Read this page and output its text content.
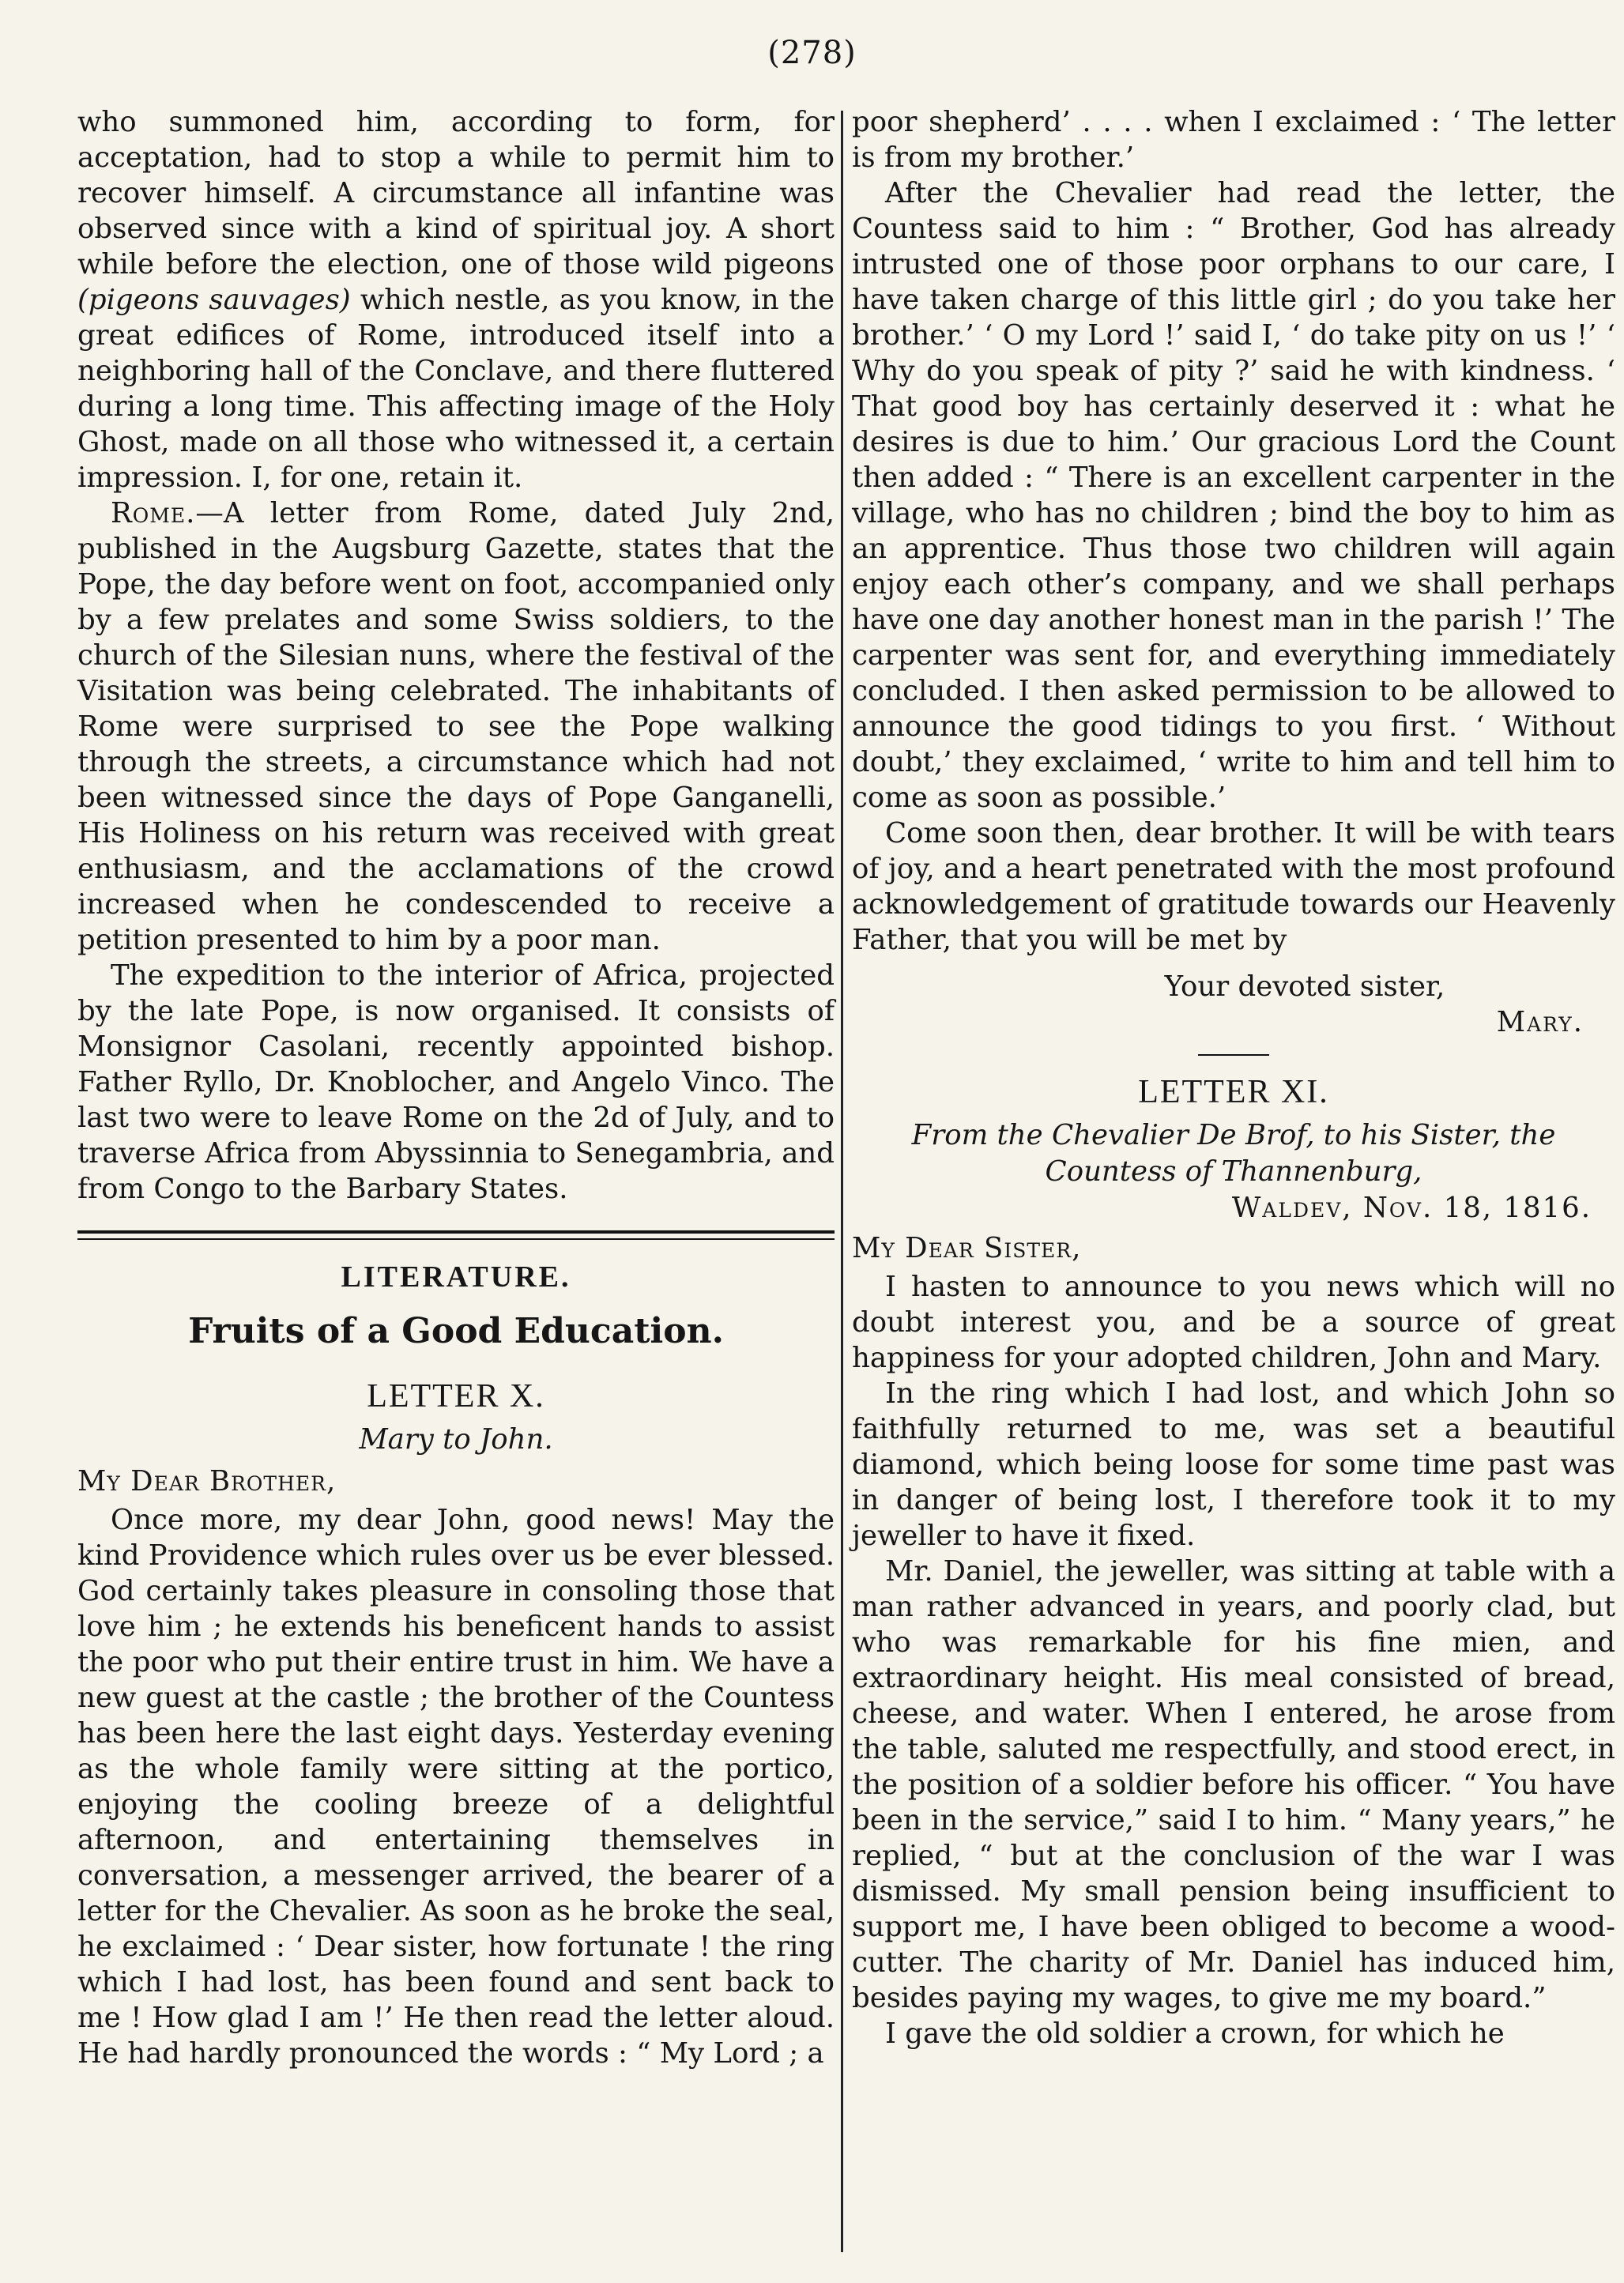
(278)

who summoned him, according to form, for acceptation, had to stop a while to permit him to recover himself. A circumstance all infantine was observed since with a kind of spiritual joy. A short while before the election, one of those wild pigeons (pigeons sauvages) which nestle, as you know, in the great edifices of Rome, introduced itself into a neighboring hall of the Conclave, and there fluttered during a long time. This affecting image of the Holy Ghost, made on all those who witnessed it, a certain impression. I, for one, retain it.

Rome.—A letter from Rome, dated July 2nd, published in the Augsburg Gazette, states that the Pope, the day before went on foot, accompanied only by a few prelates and some Swiss soldiers, to the church of the Silesian nuns, where the festival of the Visitation was being celebrated. The inhabitants of Rome were surprised to see the Pope walking through the streets, a circumstance which had not been witnessed since the days of Pope Ganganelli, His Holiness on his return was received with great enthusiasm, and the acclamations of the crowd increased when he condescended to receive a petition presented to him by a poor man.

The expedition to the interior of Africa, projected by the late Pope, is now organised. It consists of Monsignor Casolani, recently appointed bishop. Father Ryllo, Dr. Knoblocher, and Angelo Vinco. The last two were to leave Rome on the 2d of July, and to traverse Africa from Abyssinnia to Senegambria, and from Congo to the Barbary States.

LITERATURE.
Fruits of a Good Education.
LETTER X.
Mary to John.
My Dear Brother,

Once more, my dear John, good news! May the kind Providence which rules over us be ever blessed. God certainly takes pleasure in consoling those that love him ; he extends his beneficent hands to assist the poor who put their entire trust in him. We have a new guest at the castle ; the brother of the Countess has been here the last eight days. Yesterday evening as the whole family were sitting at the portico, enjoying the cooling breeze of a delightful afternoon, and entertaining themselves in conversation, a messenger arrived, the bearer of a letter for the Chevalier. As soon as he broke the seal, he exclaimed : ‘ Dear sister, how fortunate ! the ring which I had lost, has been found and sent back to me ! How glad I am !’ He then read the letter aloud. He had hardly pronounced the words : “ My Lord ; a

poor shepherd’ . . . . when I exclaimed : ‘ The letter is from my brother.’

After the Chevalier had read the letter, the Countess said to him : “ Brother, God has already intrusted one of those poor orphans to our care, I have taken charge of this little girl ; do you take her brother.’ ‘ O my Lord !’ said I, ‘ do take pity on us !’ ‘ Why do you speak of pity ?’ said he with kindness. ‘ That good boy has certainly deserved it : what he desires is due to him.’ Our gracious Lord the Count then added : “ There is an excellent carpenter in the village, who has no children ; bind the boy to him as an apprentice. Thus those two children will again enjoy each other’s company, and we shall perhaps have one day another honest man in the parish !’ The carpenter was sent for, and everything immediately concluded. I then asked permission to be allowed to announce the good tidings to you first. ‘ Without doubt,’ they exclaimed, ‘ write to him and tell him to come as soon as possible.’

Come soon then, dear brother. It will be with tears of joy, and a heart penetrated with the most profound acknowledgement of gratitude towards our Heavenly Father, that you will be met by

Your devoted sister,
Mary.
LETTER XI.
From the Chevalier De Brof, to his Sister, the
Countess of Thannenburg,
Waldev, Nov. 18, 1816.
My Dear Sister,

I hasten to announce to you news which will no doubt interest you, and be a source of great happiness for your adopted children, John and Mary.

In the ring which I had lost, and which John so faithfully returned to me, was set a beautiful diamond, which being loose for some time past was in danger of being lost, I therefore took it to my jeweller to have it fixed.

Mr. Daniel, the jeweller, was sitting at table with a man rather advanced in years, and poorly clad, but who was remarkable for his fine mien, and extraordinary height. His meal consisted of bread, cheese, and water. When I entered, he arose from the table, saluted me respectfully, and stood erect, in the position of a soldier before his officer. “ You have been in the service,” said I to him. “ Many years,” he replied, “ but at the conclusion of the war I was dismissed. My small pension being insufficient to support me, I have been obliged to become a wood-cutter. The charity of Mr. Daniel has induced him, besides paying my wages, to give me my board.”

I gave the old soldier a crown, for which he
